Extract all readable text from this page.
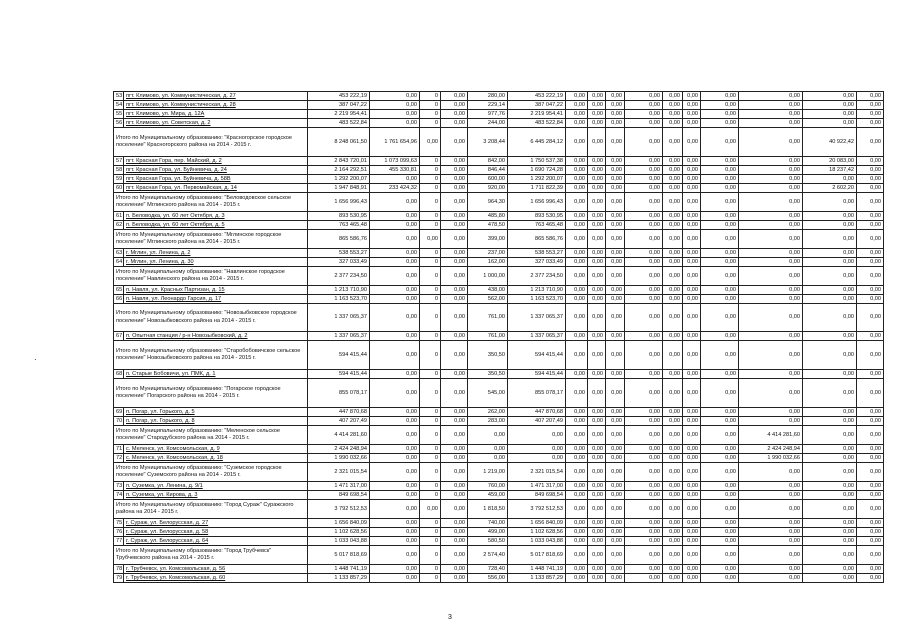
·
53	пгт. Климово, ул. Коммунистическая, д. 27	453 222,19	0,00	0	0,00	280,00	453 222,19	0,00	0,00	0,00	0,00	0,00	0,00	0,00	0,00	0,00	0,00
54	пгт. Климово, ул. Коммунистическая, д. 28	387 047,22	0,00	0	0,00	229,14	387 047,22	0,00	0,00	0,00	0,00	0,00	0,00	0,00	0,00	0,00	0,00
55	пгт. Климово, ул. Мира, д. 12А	2 219 954,41	0,00	0	0,00	977,76	2 219 954,41	0,00	0,00	0,00	0,00	0,00	0,00	0,00	0,00	0,00	0,00
56	пгт. Климово, ул. Советская, д. 2	483 522,84	0,00	0	0,00	244,00	483 522,84	0,00	0,00	0,00	0,00	0,00	0,00	0,00	0,00	0,00	0,00
Итого по Муниципальному образованию: "Красногорское городское поселение" Красногорского района на 2014 - 2015 г.		8 248 061,50	1 761 654,96	0,00	0,00	3 208,44	6 445 284,12	0,00	0,00	0,00	0,00	0,00	0,00	0,00	0,00	40 922,42	0,00
57	пгт. Красная Гора, пер. Майский, д. 2	2 843 720,01	1 073 099,63	0	0,00	842,00	1 750 537,38	0,00	0,00	0,00	0,00	0,00	0,00	0,00	0,00	20 083,00	0,00
58	пгт. Красная Гора, ул. Буйневича, д. 24	2 164 292,51	455 330,81	0	0,00	846,44	1 690 724,28	0,00	0,00	0,00	0,00	0,00	0,00	0,00	0,00	18 237,42	0,00
59	пгт. Красная Гора, ул. Буйневича, д. 58В	1 292 200,07	0,00	0	0,00	600,00	1 292 200,07	0,00	0,00	0,00	0,00	0,00	0,00	0,00	0,00	0,00	0,00
60	пгт. Красная Гора, ул. Первомайская, д. 14	1 947 848,91	233 424,32	0	0,00	920,00	1 711 822,39	0,00	0,00	0,00	0,00	0,00	0,00	0,00	0,00	2 602,20	0,00
Итого по Муниципальному образованию: "Беловодовское сельское поселение" Мглинского района на 2014 - 2015 г.		1 656 996,43	0,00	0	0,00	964,30	1 656 996,43	0,00	0,00	0,00	0,00	0,00	0,00	0,00	0,00	0,00	0,00
61	п. Беловодка, ул. 60 лет Октября, д. 3	893 530,95	0,00	0	0,00	485,80	893 530,95	0,00	0,00	0,00	0,00	0,00	0,00	0,00	0,00	0,00	0,00
62	п. Беловодка, ул. 60 лет Октября, д. 5	763 465,48	0,00	0	0,00	478,50	763 465,48	0,00	0,00	0,00	0,00	0,00	0,00	0,00	0,00	0,00	0,00
Итого по Муниципальному образованию: "Мглинское городское поселение" Мглинского района на 2014 - 2015 г.		865 586,76	0,00	0,00	0,00	399,00	865 586,76	0,00	0,00	0,00	0,00	0,00	0,00	0,00	0,00	0,00	0,00
63	г. Мглин, ул. Ленина, д. 2	538 553,27	0,00	0	0,00	237,00	538 553,27	0,00	0,00	0,00	0,00	0,00	0,00	0,00	0,00	0,00	0,00
64	г. Мглин, ул. Ленина, д. 30	327 033,49	0,00	0	0,00	162,00	327 033,49	0,00	0,00	0,00	0,00	0,00	0,00	0,00	0,00	0,00	0,00
Итого по Муниципальному образованию: "Навлинское городское поселение" Навлинского района на 2014 - 2015 г.		2 377 234,50	0,00	0	0,00	1 000,00	2 377 234,50	0,00	0,00	0,00	0,00	0,00	0,00	0,00	0,00	0,00	0,00
65	п. Навля, ул. Красных Партизан, д. 15	1 213 710,90	0,00	0	0,00	438,00	1 213 710,90	0,00	0,00	0,00	0,00	0,00	0,00	0,00	0,00	0,00	0,00
66	п. Навля, ул. Леонардо Гарсия, д. 17	1 163 523,70	0,00	0	0,00	562,00	1 163 523,70	0,00	0,00	0,00	0,00	0,00	0,00	0,00	0,00	0,00	0,00
Итого по Муниципальному образованию: "Новозыбковское городское поселение" Новозыбковского района на 2014 - 2015 г.		1 337 065,37	0,00	0	0,00	761,00	1 337 065,37	0,00	0,00	0,00	0,00	0,00	0,00	0,00	0,00	0,00	0,00
67	п. Опытная станция / р-н Новозыбковский, д. 2	1 337 065,37	0,00	0	0,00	761,00	1 337 065,37	0,00	0,00	0,00	0,00	0,00	0,00	0,00	0,00	0,00	0,00
Итого по Муниципальному образованию: "Старобобовичское сельское поселение" Новозыбковского района на 2014 - 2015 г.		594 415,44	0,00	0	0,00	350,50	594 415,44	0,00	0,00	0,00	0,00	0,00	0,00	0,00	0,00	0,00	0,00
68	п. Старые Бобовичи, ул. ПМК, д. 1	594 415,44	0,00	0	0,00	350,50	594 415,44	0,00	0,00	0,00	0,00	0,00	0,00	0,00	0,00	0,00	0,00
Итого по Муниципальному образованию: "Погарское городское поселение" Погарского района на 2014 - 2015 г.		855 078,17	0,00	0	0,00	545,00	855 078,17	0,00	0,00	0,00	0,00	0,00	0,00	0,00	0,00	0,00	0,00
69	п. Погар, ул. Горького, д. 5	447 870,68	0,00	0	0,00	262,00	447 870,68	0,00	0,00	0,00	0,00	0,00	0,00	0,00	0,00	0,00	0,00
70	п. Погар, ул. Горького, д. 8	407 207,49	0,00	0	0,00	283,00	407 207,49	0,00	0,00	0,00	0,00	0,00	0,00	0,00	0,00	0,00	0,00
Итого по Муниципальному образованию: "Меленское сельское поселение" Стародубского района на 2014 - 2015 г.		4 414 281,60	0,00	0	0,00	0,00	0,00	0,00	0,00	0,00	0,00	0,00	0,00	0,00	4 414 281,60	0,00	0,00
71	с. Меленск, ул. Комсомольская, д. 9	2 424 248,94	0,00	0	0,00	0,00	0,00	0,00	0,00	0,00	0,00	0,00	0,00	0,00	2 424 248,94	0,00	0,00
72	с. Меленск, ул. Комсомольская, д. 18	1 990 032,66	0,00	0	0,00	0,00	0,00	0,00	0,00	0,00	0,00	0,00	0,00	0,00	1 990 032,66	0,00	0,00
Итого по Муниципальному образованию: "Суземское городское поселение" Суземского района на 2014 - 2015 г.		2 321 015,54	0,00	0	0,00	1 219,00	2 321 015,54	0,00	0,00	0,00	0,00	0,00	0,00	0,00	0,00	0,00	0,00
73	п. Суземка, ул. Ленина, д. 9/1	1 471 317,00	0,00	0	0,00	760,00	1 471 317,00	0,00	0,00	0,00	0,00	0,00	0,00	0,00	0,00	0,00	0,00
74	п. Суземка, ул. Кирова, д. 3	849 698,54	0,00	0	0,00	459,00	849 698,54	0,00	0,00	0,00	0,00	0,00	0,00	0,00	0,00	0,00	0,00
Итого по Муниципальному образованию: "Город Сураж" Суражского района на 2014 - 2015 г.		3 792 512,53	0,00	0,00	0,00	1 818,50	3 792 512,53	0,00	0,00	0,00	0,00	0,00	0,00	0,00	0,00	0,00	0,00
75	г. Сураж, ул. Белорусская, д. 27	1 656 840,09	0,00	0	0,00	740,00	1 656 840,09	0,00	0,00	0,00	0,00	0,00	0,00	0,00	0,00	0,00	0,00
76	г. Сураж, ул. Белорусская, д. 58	1 102 628,56	0,00	0	0,00	499,00	1 102 628,56	0,00	0,00	0,00	0,00	0,00	0,00	0,00	0,00	0,00	0,00
77	г. Сураж, ул. Белорусская, д. 64	1 033 043,88	0,00	0	0,00	580,50	1 033 043,88	0,00	0,00	0,00	0,00	0,00	0,00	0,00	0,00	0,00	0,00
Итого по Муниципальному образованию: "Город Трубчевск" Трубчевского района на 2014 - 2015 г.		5 017 818,69	0,00	0	0,00	2 574,40	5 017 818,69	0,00	0,00	0,00	0,00	0,00	0,00	0,00	0,00	0,00	0,00
78	г. Трубчевск, ул. Комсомольская, д. 56	1 448 741,19	0,00	0	0,00	728,40	1 448 741,19	0,00	0,00	0,00	0,00	0,00	0,00	0,00	0,00	0,00	0,00
79	г. Трубчевск, ул. Комсомольская, д. 60	1 133 857,29	0,00	0	0,00	556,00	1 133 857,29	0,00	0,00	0,00	0,00	0,00	0,00	0,00	0,00	0,00	0,00
3
